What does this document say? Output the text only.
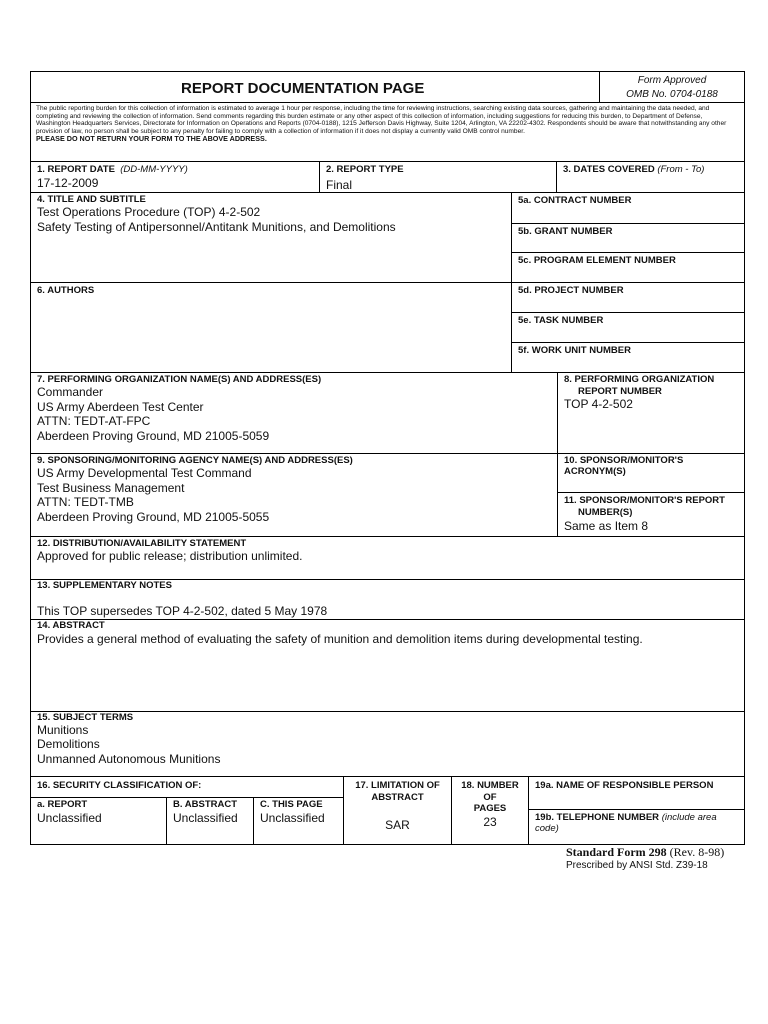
REPORT DOCUMENTATION PAGE	Form Approved
OMB No. 0704-0188
The public reporting burden for this collection of information is estimated to average 1 hour per response, including the time for reviewing instructions, searching existing data sources, gathering and maintaining the data needed, and completing and reviewing the collection of information. Send comments regarding this burden estimate or any other aspect of this collection of information, including suggestions for reducing this burden, to Department of Defense, Washington Headquarters Services, Directorate for Information on Operations and Reports (0704-0188), 1215 Jefferson Davis Highway, Suite 1204, Arlington, VA 22202-4302. Respondents should be aware that notwithstanding any other provision of law, no person shall be subject to any penalty for failing to comply with a collection of information if it does not display a currently valid OMB control number.
PLEASE DO NOT RETURN YOUR FORM TO THE ABOVE ADDRESS.
1. REPORT DATE (DD-MM-YYYY)
17-12-2009
2. REPORT TYPE
Final
3. DATES COVERED (From - To)
4. TITLE AND SUBTITLE
Test Operations Procedure (TOP) 4-2-502
Safety Testing of Antipersonnel/Antitank Munitions, and Demolitions
5a. CONTRACT NUMBER
5b. GRANT NUMBER
5c. PROGRAM ELEMENT NUMBER
6. AUTHORS	5d. PROJECT NUMBER
5e. TASK NUMBER
5f. WORK UNIT NUMBER
7. PERFORMING ORGANIZATION NAME(S) AND ADDRESS(ES)
Commander
US Army Aberdeen Test Center
ATTN: TEDT-AT-FPC
Aberdeen Proving Ground, MD 21005-5059
8. PERFORMING ORGANIZATION
REPORT NUMBER
TOP 4-2-502
9. SPONSORING/MONITORING AGENCY NAME(S) AND ADDRESS(ES)
US Army Developmental Test Command
Test Business Management
ATTN: TEDT-TMB
Aberdeen Proving Ground, MD 21005-5055
10. SPONSOR/MONITOR'S
ACRONYM(S)
11. SPONSOR/MONITOR'S REPORT
NUMBER(S)
Same as Item 8
12. DISTRIBUTION/AVAILABILITY STATEMENT
Approved for public release; distribution unlimited.
13. SUPPLEMENTARY NOTES
This TOP supersedes TOP 4-2-502, dated 5 May 1978
14. ABSTRACT
Provides a general method of evaluating the safety of munition and demolition items during developmental testing.
15. SUBJECT TERMS
Munitions
Demolitions
Unmanned Autonomous Munitions
16. SECURITY CLASSIFICATION OF:
a. REPORT
Unclassified
B. ABSTRACT
Unclassified
C. THIS PAGE
Unclassified
17. LIMITATION OF
ABSTRACT
SAR
18. NUMBER
OF
PAGES
23
19a. NAME OF RESPONSIBLE PERSON
19b. TELEPHONE NUMBER (include area
code)
Standard Form 298 (Rev. 8-98)
Prescribed by ANSI Std. Z39-18
